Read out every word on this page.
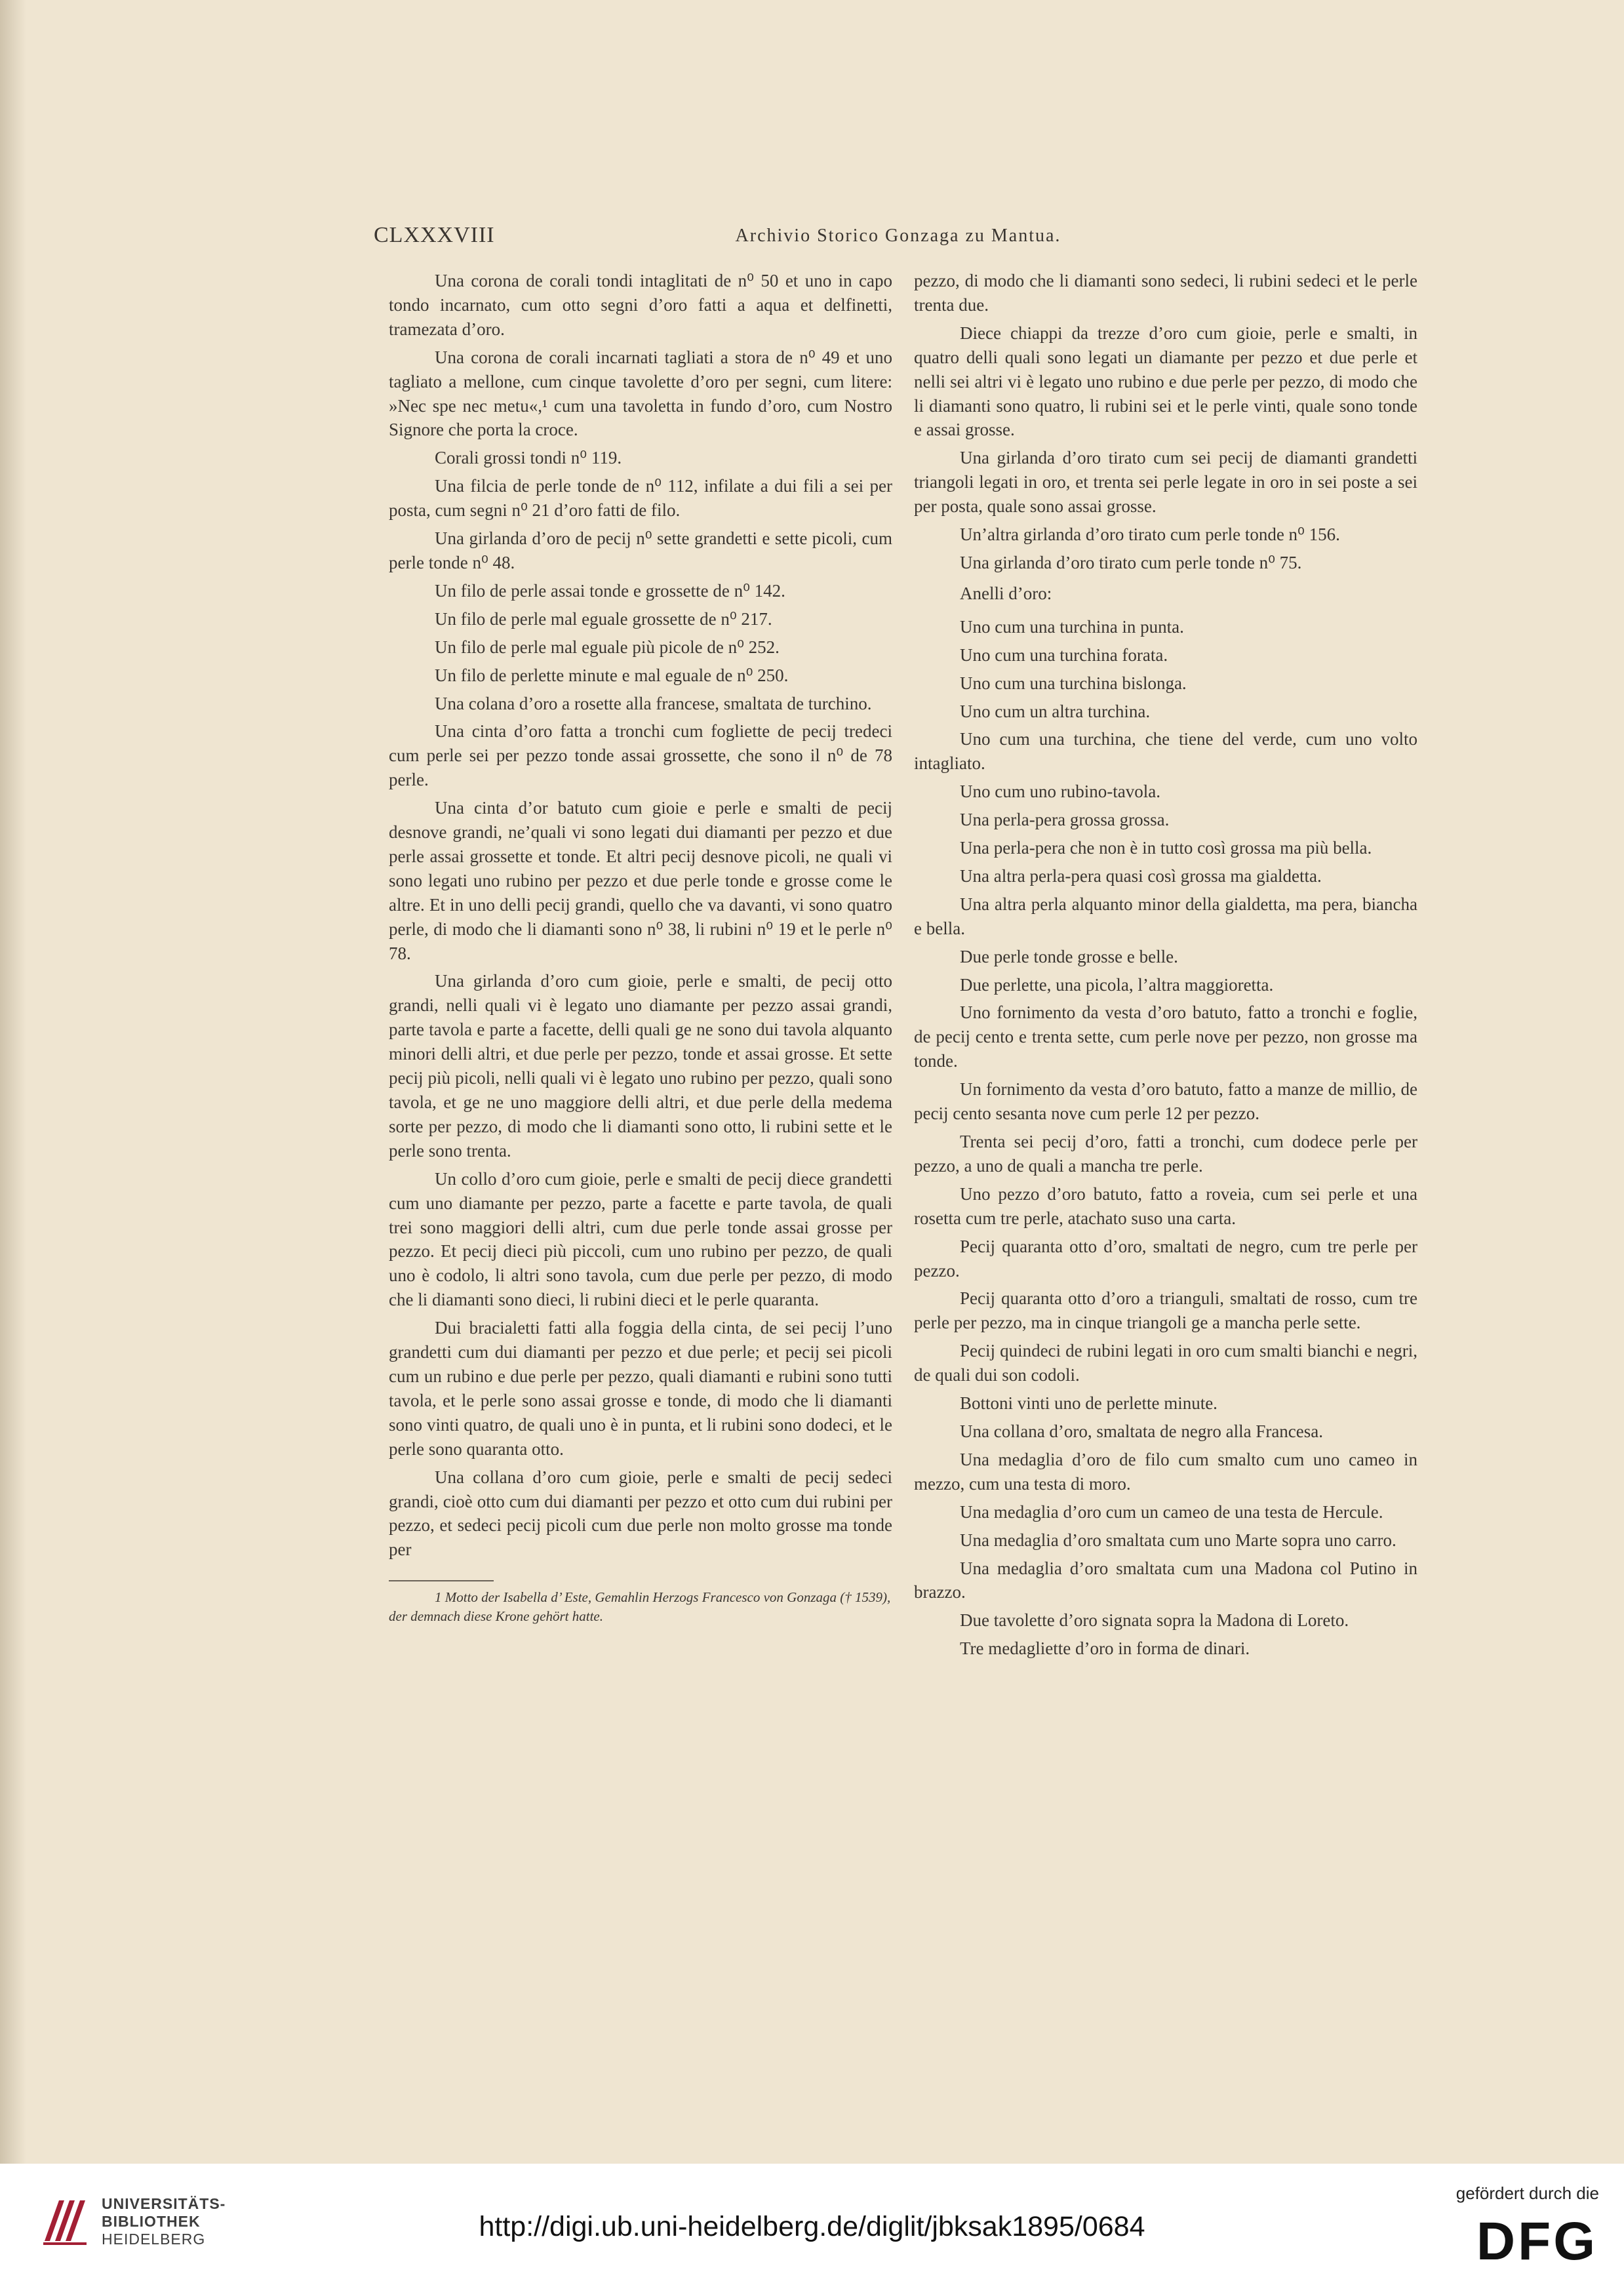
CLXXXVIII	Archivio Storico Gonzaga zu Mantua.

Una corona de corali tondi intaglitati de n⁰ 50 et uno in capo tondo incarnato, cum otto segni d’oro fatti a aqua et delfinetti, tramezata d’oro.

Una corona de corali incarnati tagliati a stora de n⁰ 49 et uno tagliato a mellone, cum cinque tavolette d’oro per segni, cum litere: »Nec spe nec metu«,¹ cum una tavoletta in fundo d’oro, cum Nostro Signore che porta la croce.

Corali grossi tondi n⁰ 119.

Una filcia de perle tonde de n⁰ 112, infilate a dui fili a sei per posta, cum segni n⁰ 21 d’oro fatti de filo.

Una girlanda d’oro de pecij n⁰ sette grandetti e sette picoli, cum perle tonde n⁰ 48.

Un filo de perle assai tonde e grossette de n⁰ 142.

Un filo de perle mal eguale grossette de n⁰ 217.

Un filo de perle mal eguale più picole de n⁰ 252.

Un filo de perlette minute e mal eguale de n⁰ 250.

Una colana d’oro a rosette alla francese, smaltata de turchino.

Una cinta d’oro fatta a tronchi cum fogliette de pecij tredeci cum perle sei per pezzo tonde assai grossette, che sono il n⁰ de 78 perle.

Una cinta d’or batuto cum gioie e perle e smalti de pecij desnove grandi, ne’quali vi sono legati dui diamanti per pezzo et due perle assai grossette et tonde. Et altri pecij desnove picoli, ne quali vi sono legati uno rubino per pezzo et due perle tonde e grosse come le altre. Et in uno delli pecij grandi, quello che va davanti, vi sono quatro perle, di modo che li diamanti sono n⁰ 38, li rubini n⁰ 19 et le perle n⁰ 78.

Una girlanda d’oro cum gioie, perle e smalti, de pecij otto grandi, nelli quali vi è legato uno diamante per pezzo assai grandi, parte tavola e parte a facette, delli quali ge ne sono dui tavola alquanto minori delli altri, et due perle per pezzo, tonde et assai grosse. Et sette pecij più picoli, nelli quali vi è legato uno rubino per pezzo, quali sono tavola, et ge ne uno maggiore delli altri, et due perle della medema sorte per pezzo, di modo che li diamanti sono otto, li rubini sette et le perle sono trenta.

Un collo d’oro cum gioie, perle e smalti de pecij diece grandetti cum uno diamante per pezzo, parte a facette e parte tavola, de quali trei sono maggiori delli altri, cum due perle tonde assai grosse per pezzo. Et pecij dieci più piccoli, cum uno rubino per pezzo, de quali uno è codolo, li altri sono tavola, cum due perle per pezzo, di modo che li diamanti sono dieci, li rubini dieci et le perle quaranta.

Dui bracialetti fatti alla foggia della cinta, de sei pecij l’uno grandetti cum dui diamanti per pezzo et due perle; et pecij sei picoli cum un rubino e due perle per pezzo, quali diamanti e rubini sono tutti tavola, et le perle sono assai grosse e tonde, di modo che li diamanti sono vinti quatro, de quali uno è in punta, et li rubini sono dodeci, et le perle sono quaranta otto.

Una collana d’oro cum gioie, perle e smalti de pecij sedeci grandi, cioè otto cum dui diamanti per pezzo et otto cum dui rubini per pezzo, et sedeci pecij picoli cum due perle non molto grosse ma tonde per

1 Motto der Isabella d’ Este, Gemahlin Herzogs Francesco von Gonzaga († 1539), der demnach diese Krone gehört hatte.

pezzo, di modo che li diamanti sono sedeci, li rubini sedeci et le perle trenta due.

Diece chiappi da trezze d’oro cum gioie, perle e smalti, in quatro delli quali sono legati un diamante per pezzo et due perle et nelli sei altri vi è legato uno rubino e due perle per pezzo, di modo che li diamanti sono quatro, li rubini sei et le perle vinti, quale sono tonde e assai grosse.

Una girlanda d’oro tirato cum sei pecij de diamanti grandetti triangoli legati in oro, et trenta sei perle legate in oro in sei poste a sei per posta, quale sono assai grosse.

Un’altra girlanda d’oro tirato cum perle tonde n⁰ 156.

Una girlanda d’oro tirato cum perle tonde n⁰ 75.

Anelli d’oro:

Uno cum una turchina in punta.

Uno cum una turchina forata.

Uno cum una turchina bislonga.

Uno cum un altra turchina.

Uno cum una turchina, che tiene del verde, cum uno volto intagliato.

Uno cum uno rubino-tavola.

Una perla-pera grossa grossa.

Una perla-pera che non è in tutto così grossa ma più bella.

Una altra perla-pera quasi così grossa ma gialdetta.

Una altra perla alquanto minor della gialdetta, ma pera, biancha e bella.

Due perle tonde grosse e belle.

Due perlette, una picola, l’altra maggioretta.

Uno fornimento da vesta d’oro batuto, fatto a tronchi e foglie, de pecij cento e trenta sette, cum perle nove per pezzo, non grosse ma tonde.

Un fornimento da vesta d’oro batuto, fatto a manze de millio, de pecij cento sesanta nove cum perle 12 per pezzo.

Trenta sei pecij d’oro, fatti a tronchi, cum dodece perle per pezzo, a uno de quali a mancha tre perle.

Uno pezzo d’oro batuto, fatto a roveia, cum sei perle et una rosetta cum tre perle, atachato suso una carta.

Pecij quaranta otto d’oro, smaltati de negro, cum tre perle per pezzo.

Pecij quaranta otto d’oro a trianguli, smaltati de rosso, cum tre perle per pezzo, ma in cinque triangoli ge a mancha perle sette.

Pecij quindeci de rubini legati in oro cum smalti bianchi e negri, de quali dui son codoli.

Bottoni vinti uno de perlette minute.

Una collana d’oro, smaltata de negro alla Francesa.

Una medaglia d’oro de filo cum smalto cum uno cameo in mezzo, cum una testa di moro.

Una medaglia d’oro cum un cameo de una testa de Hercule.

Una medaglia d’oro smaltata cum uno Marte sopra uno carro.

Una medaglia d’oro smaltata cum una Madona col Putino in brazzo.

Due tavolette d’oro signata sopra la Madona di Loreto.

Tre medagliette d’oro in forma de dinari.

UNIVERSITÄTS-
BIBLIOTHEK
HEIDELBERG	http://digi.ub.uni-heidelberg.de/diglit/jbksak1895/0684
gefördert durch die
DFG
